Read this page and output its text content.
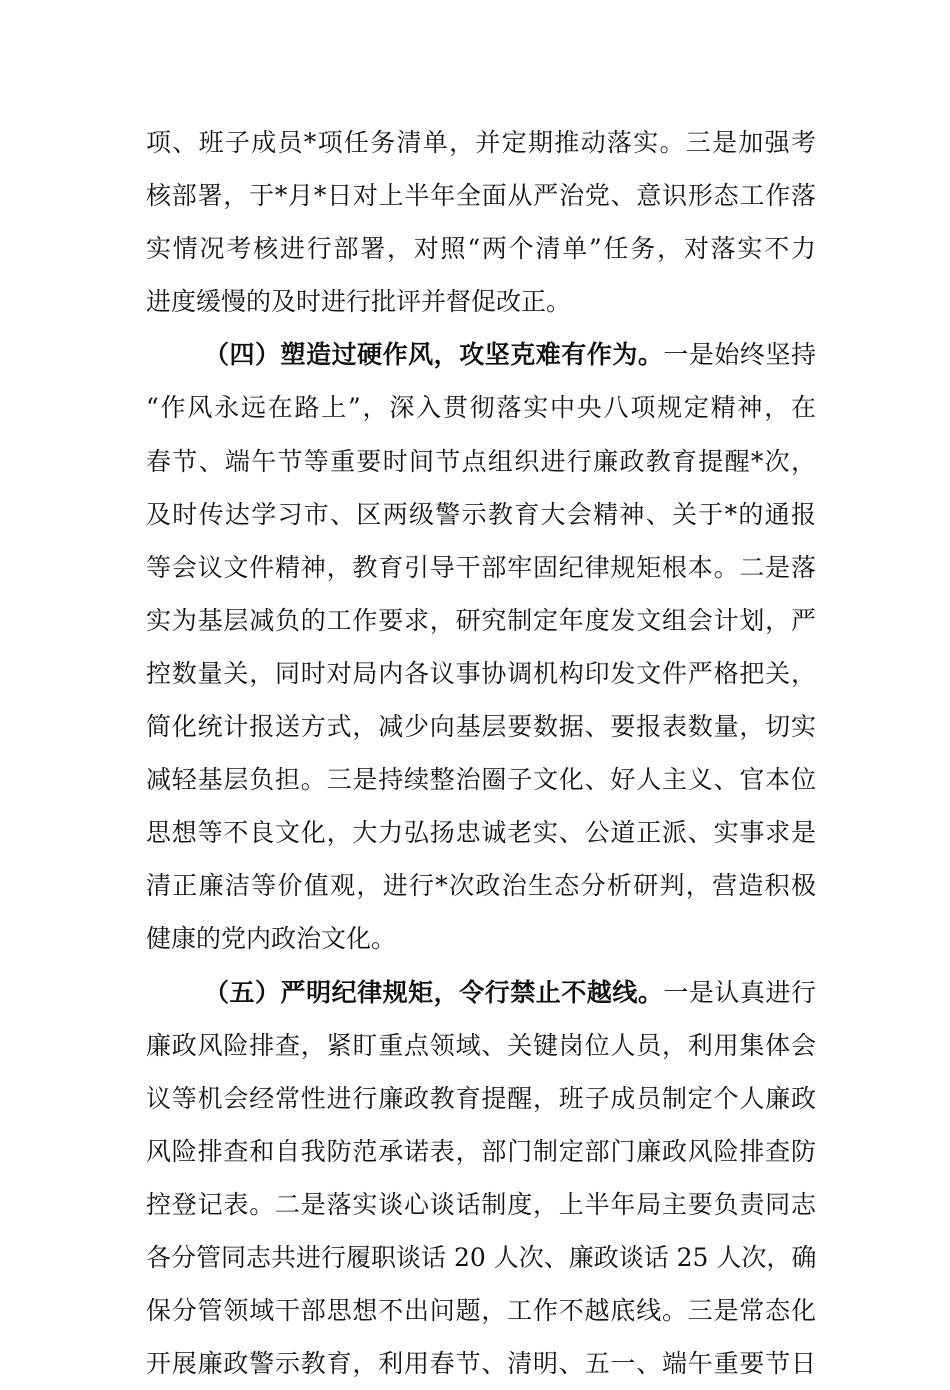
项、班子成员*项任务清单，并定期推动落实。三是加强考
核部署，于*月*日对上半年全面从严治党、意识形态工作落
实情况考核进行部署，对照“两个清单”任务，对落实不力
进度缓慢的及时进行批评并督促改正。
（四）塑造过硬作风，攻坚克难有作为。一是始终坚持
“作风永远在路上”，深入贯彻落实中央八项规定精神，在
春节、端午节等重要时间节点组织进行廉政教育提醒*次，
及时传达学习市、区两级警示教育大会精神、关于*的通报
等会议文件精神，教育引导干部牢固纪律规矩根本。二是落
实为基层减负的工作要求，研究制定年度发文组会计划，严
控数量关，同时对局内各议事协调机构印发文件严格把关，
简化统计报送方式，减少向基层要数据、要报表数量，切实
减轻基层负担。三是持续整治圈子文化、好人主义、官本位
思想等不良文化，大力弘扬忠诚老实、公道正派、实事求是
清正廉洁等价值观，进行*次政治生态分析研判，营造积极
健康的党内政治文化。
（五）严明纪律规矩，令行禁止不越线。一是认真进行
廉政风险排查，紧盯重点领域、关键岗位人员，利用集体会
议等机会经常性进行廉政教育提醒，班子成员制定个人廉政
风险排查和自我防范承诺表，部门制定部门廉政风险排查防
控登记表。二是落实谈心谈话制度，上半年局主要负责同志
各分管同志共进行履职谈话 20 人次、廉政谈话 25 人次，确
保分管领域干部思想不出问题，工作不越底线。三是常态化
开展廉政警示教育，利用春节、清明、五一、端午重要节日
